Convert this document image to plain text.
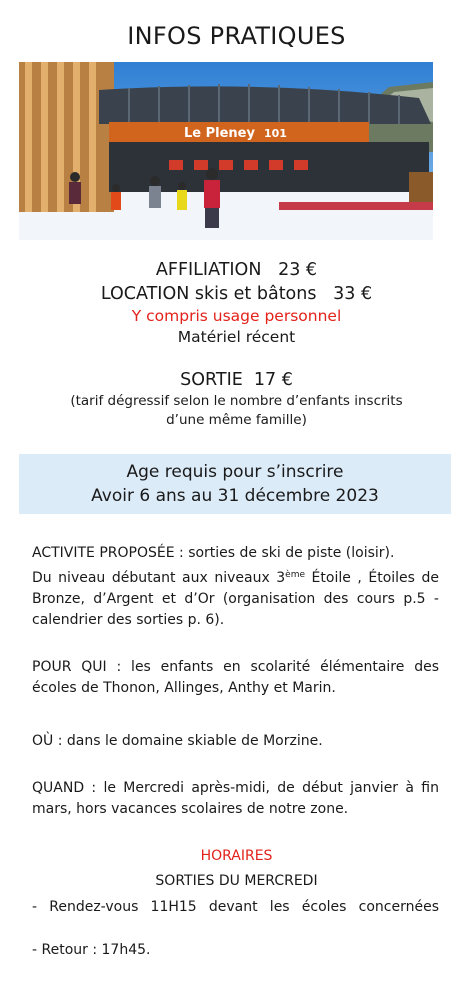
INFOS PRATIQUES
Le Pleney 101
AFFILIATION   23 €
LOCATION skis et bâtons   33 €
Y compris usage personnel
Matériel récent
SORTIE  17 €
(tarif dégressif selon le nombre d’enfants inscrits
d’une même famille)
Age requis pour s’inscrire
Avoir 6 ans au 31 décembre 2023
ACTIVITE PROPOSÉE : sorties de ski de piste (loisir).
Du niveau débutant aux niveaux 3ème Étoile , Étoiles de Bronze, d’Argent et d’Or (organisation des cours p.5 - calendrier des sorties p. 6).
POUR QUI : les enfants en scolarité élémentaire des écoles de Thonon, Allinges, Anthy et Marin.
OÙ : dans le domaine skiable de Morzine.
QUAND : le Mercredi après-midi, de début janvier à fin mars, hors vacances scolaires de notre zone.
HORAIRES
SORTIES DU MERCREDI
- Rendez-vous 11H15 devant les écoles concernées
- Retour : 17h45.
